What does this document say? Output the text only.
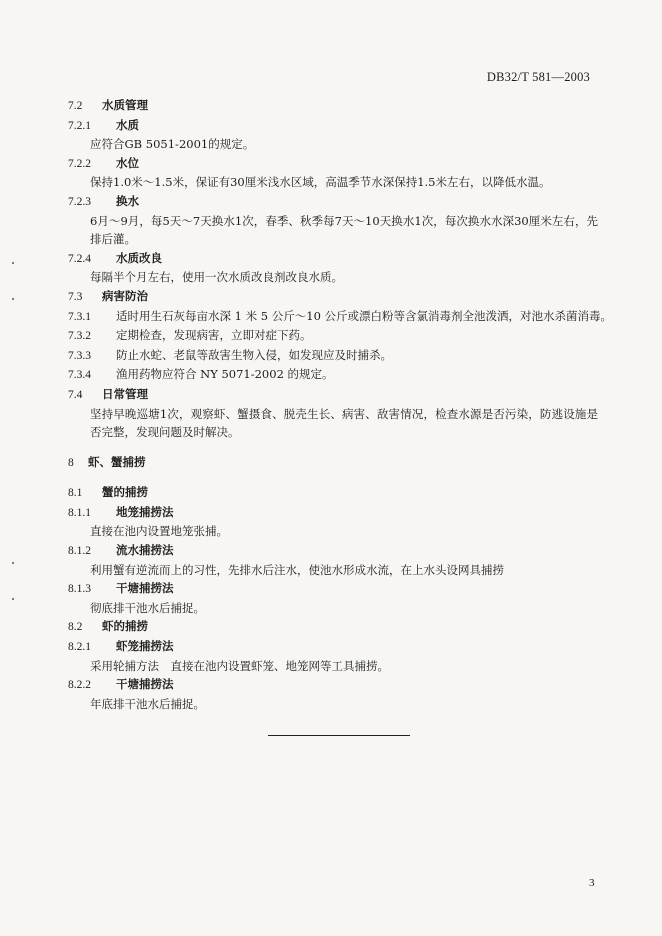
DB32/T 581—2003
7.2 水质管理
7.2.1 水质
应符合GB 5051-2001的规定。
7.2.2 水位
保持1.0米～1.5米，保证有30厘米浅水区域，高温季节水深保持1.5米左右，以降低水温。
7.2.3 换水
6月～9月，每5天～7天换水1次，春季、秋季每7天～10天换水1次，每次换水水深30厘米左右，先排后灌。
7.2.4 水质改良
每隔半个月左右，使用一次水质改良剂改良水质。
7.3 病害防治
7.3.1 适时用生石灰每亩水深 1 米 5 公斤～10 公斤或漂白粉等含氯消毒剂全池泼洒，对池水杀菌消毒。
7.3.2 定期检查，发现病害，立即对症下药。
7.3.3 防止水蛇、老鼠等敌害生物入侵，如发现应及时捕杀。
7.3.4 渔用药物应符合 NY 5071-2002 的规定。
7.4 日常管理
坚持早晚巡塘1次，观察虾、蟹摄食、脱壳生长、病害、敌害情况，检查水源是否污染，防逃设施是否完整，发现问题及时解决。
8 虾、蟹捕捞
8.1 蟹的捕捞
8.1.1 地笼捕捞法
直接在池内设置地笼张捕。
8.1.2 流水捕捞法
利用蟹有逆流而上的习性，先排水后注水，使池水形成水流，在上水头设网具捕捞
8.1.3 干塘捕捞法
彻底排干池水后捕捉。
8.2 虾的捕捞
8.2.1 虾笼捕捞法
采用轮捕方法　直接在池内设置虾笼、地笼网等工具捕捞。
8.2.2 干塘捕捞法
年底排干池水后捕捉。
3
